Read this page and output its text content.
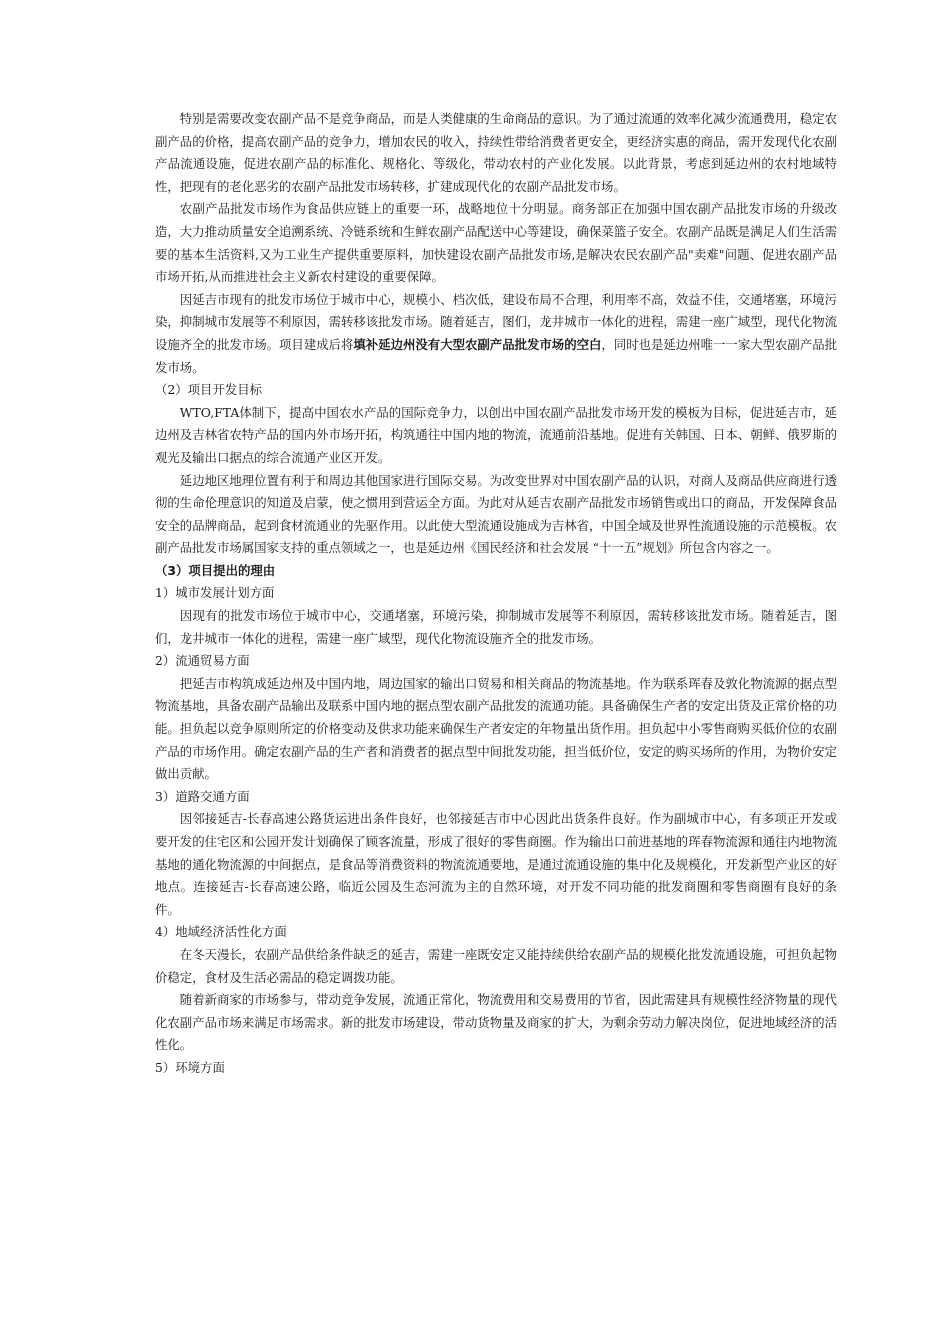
特别是需要改变农副产品不是竞争商品，而是人类健康的生命商品的意识。为了通过流通的效率化减少流通费用，稳定农副产品的价格，提高农副产品的竞争力，增加农民的收入，持续性带给消费者更安全，更经济实惠的商品，需开发现代化农副产品流通设施，促进农副产品的标准化、规格化、等级化，带动农村的产业化发展。以此背景，考虑到延边州的农村地域特性，把现有的老化恶劣的农副产品批发市场转移，扩建成现代化的农副产品批发市场。

农副产品批发市场作为食品供应链上的重要一环，战略地位十分明显。商务部正在加强中国农副产品批发市场的升级改造，大力推动质量安全追溯系统、冷链系统和生鲜农副产品配送中心等建设，确保菜篮子安全。农副产品既是满足人们生活需要的基本生活资料,又为工业生产提供重要原料，加快建设农副产品批发市场,是解决农民农副产品"卖难"问题、促进农副产品市场开拓,从而推进社会主义新农村建设的重要保障。

因延吉市现有的批发市场位于城市中心，规模小、档次低，建设布局不合理，利用率不高，效益不佳，交通堵塞，环境污染，抑制城市发展等不利原因，需转移该批发市场。随着延吉，图们，龙井城市一体化的进程，需建一座广域型，现代化物流设施齐全的批发市场。项目建成后将填补延边州没有大型农副产品批发市场的空白，同时也是延边州唯一一家大型农副产品批发市场。

（2）项目开发目标

WTO,FTA体制下，提高中国农水产品的国际竞争力，以创出中国农副产品批发市场开发的模板为目标，促进延吉市，延边州及吉林省农特产品的国内外市场开拓，构筑通往中国内地的物流，流通前沿基地。促进有关韩国、日本、朝鲜、俄罗斯的观光及输出口据点的综合流通产业区开发。

延边地区地理位置有利于和周边其他国家进行国际交易。为改变世界对中国农副产品的认识，对商人及商品供应商进行透彻的生命伦理意识的知道及启蒙，使之惯用到营运全方面。为此对从延吉农副产品批发市场销售或出口的商品，开发保障食品安全的品牌商品，起到食材流通业的先驱作用。以此使大型流通设施成为吉林省，中国全域及世界性流通设施的示范模板。农副产品批发市场属国家支持的重点领域之一，也是延边州《国民经济和社会发展 “十一五”规划》所包含内容之一。

（3）项目提出的理由

1）城市发展计划方面

因现有的批发市场位于城市中心，交通堵塞，环境污染，抑制城市发展等不利原因，需转移该批发市场。随着延吉，图们，龙井城市一体化的进程，需建一座广域型，现代化物流设施齐全的批发市场。

2）流通贸易方面

把延吉市构筑成延边州及中国内地，周边国家的输出口贸易和相关商品的物流基地。作为联系珲春及敦化物流源的据点型物流基地，具备农副产品输出及联系中国内地的据点型农副产品批发的流通功能。具备确保生产者的安定出货及正常价格的功能。担负起以竞争原则所定的价格变动及供求功能来确保生产者安定的年物量出货作用。担负起中小零售商购买低价位的农副产品的市场作用。确定农副产品的生产者和消费者的据点型中间批发功能，担当低价位，安定的购买场所的作用，为物价安定做出贡献。

3）道路交通方面

因邻接延吉-长春高速公路货运进出条件良好，也邻接延吉市中心因此出货条件良好。作为副城市中心，有多项正开发或要开发的住宅区和公园开发计划确保了顾客流量，形成了很好的零售商圈。作为输出口前进基地的珲春物流源和通往内地物流基地的通化物流源的中间据点，是食品等消费资料的物流流通要地，是通过流通设施的集中化及规模化，开发新型产业区的好地点。连接延吉-长春高速公路，临近公园及生态河流为主的自然环境，对开发不同功能的批发商圈和零售商圈有良好的条件。

4）地域经济活性化方面

在冬天漫长，农副产品供给条件缺乏的延吉，需建一座既安定又能持续供给农副产品的规模化批发流通设施，可担负起物价稳定，食材及生活必需品的稳定调拨功能。

随着新商家的市场参与，带动竞争发展，流通正常化，物流费用和交易费用的节省，因此需建具有规模性经济物量的现代化农副产品市场来满足市场需求。新的批发市场建设，带动货物量及商家的扩大，为剩余劳动力解决岗位，促进地域经济的活性化。

5）环境方面
